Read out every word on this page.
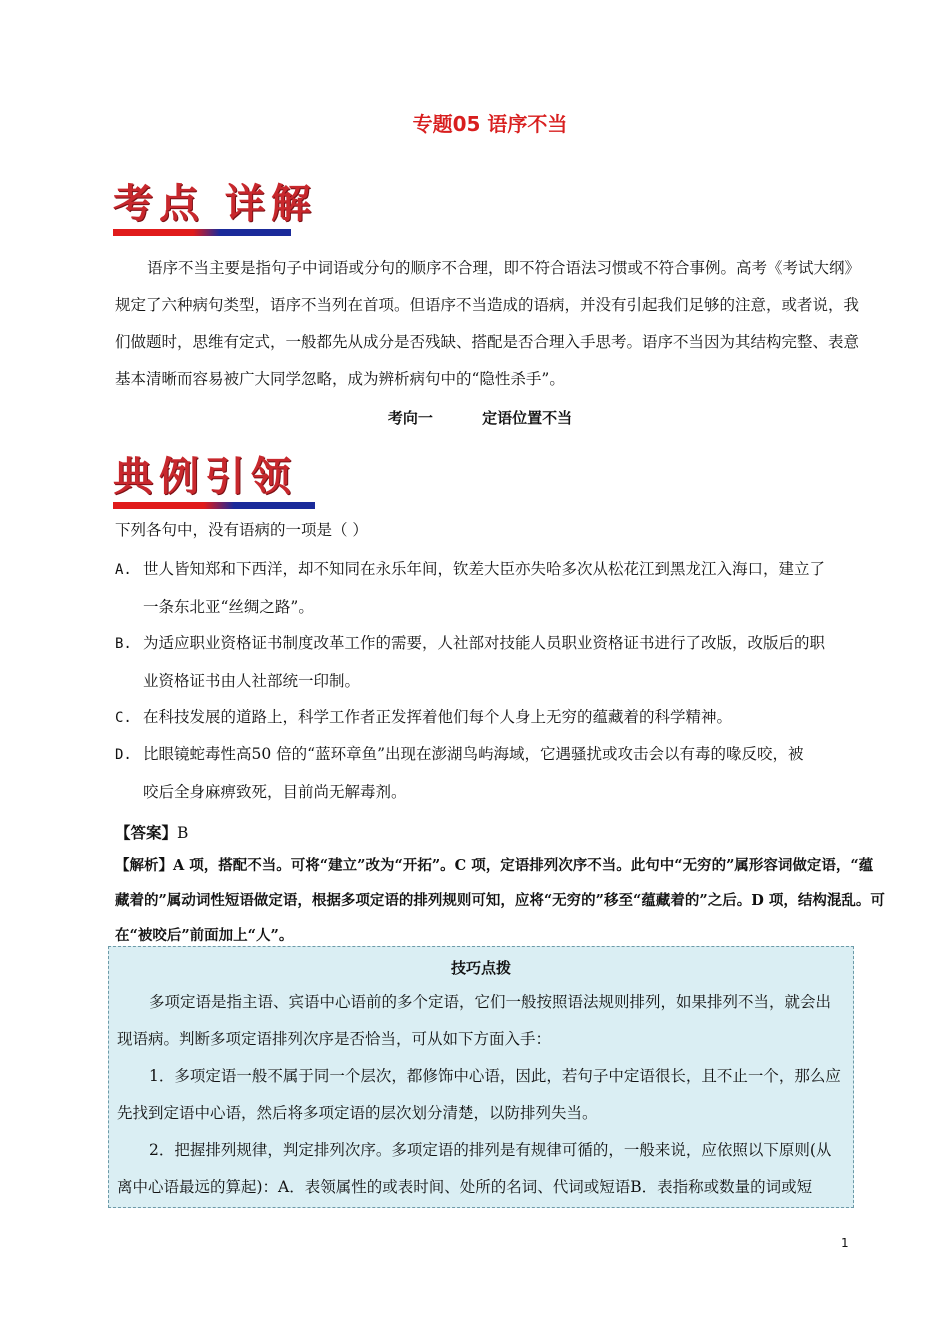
专题05 语序不当
考点 详解
语序不当主要是指句子中词语或分句的顺序不合理，即不符合语法习惯或不符合事例。高考《考试大纲》规定了六种病句类型，语序不当列在首项。但语序不当造成的语病，并没有引起我们足够的注意，或者说，我们做题时，思维有定式，一般都先从成分是否残缺、搭配是否合理入手思考。语序不当因为其结构完整、表意基本清晰而容易被广大同学忽略，成为辨析病句中的“隐性杀手”。
考向一	定语位置不当
典例引领
下列各句中，没有语病的一项是（ ）
A. 世人皆知郑和下西洋，却不知同在永乐年间，钦差大臣亦失哈多次从松花江到黑龙江入海口，建立了
一条东北亚“丝绸之路”。
B. 为适应职业资格证书制度改革工作的需要，人社部对技能人员职业资格证书进行了改版，改版后的职
业资格证书由人社部统一印制。
C. 在科技发展的道路上，科学工作者正发挥着他们每个人身上无穷的蕴藏着的科学精神。
D. 比眼镜蛇毒性高50 倍的“蓝环章鱼”出现在澎湖鸟屿海域，它遇骚扰或攻击会以有毒的喙反咬，被
咬后全身麻痹致死，目前尚无解毒剂。
【答案】B
【解析】A 项，搭配不当。可将“建立”改为“开拓”。C 项，定语排列次序不当。此句中“无穷的”属形容词做定语，“蕴藏着的”属动词性短语做定语，根据多项定语的排列规则可知，应将“无穷的”移至“蕴藏着的”之后。D 项，结构混乱。可在“被咬后”前面加上“人”。
技巧点拨

多项定语是指主语、宾语中心语前的多个定语，它们一般按照语法规则排列，如果排列不当，就会出现语病。判断多项定语排列次序是否恰当，可从如下方面入手：

1．多项定语一般不属于同一个层次，都修饰中心语，因此，若句子中定语很长，且不止一个，那么应先找到定语中心语，然后将多项定语的层次划分清楚，以防排列失当。

2．把握排列规律，判定排列次序。多项定语的排列是有规律可循的，一般来说，应依照以下原则(从离中心语最远的算起)：A．表领属性的或表时间、处所的名词、代词或短语B．表指称或数量的词或短

1
